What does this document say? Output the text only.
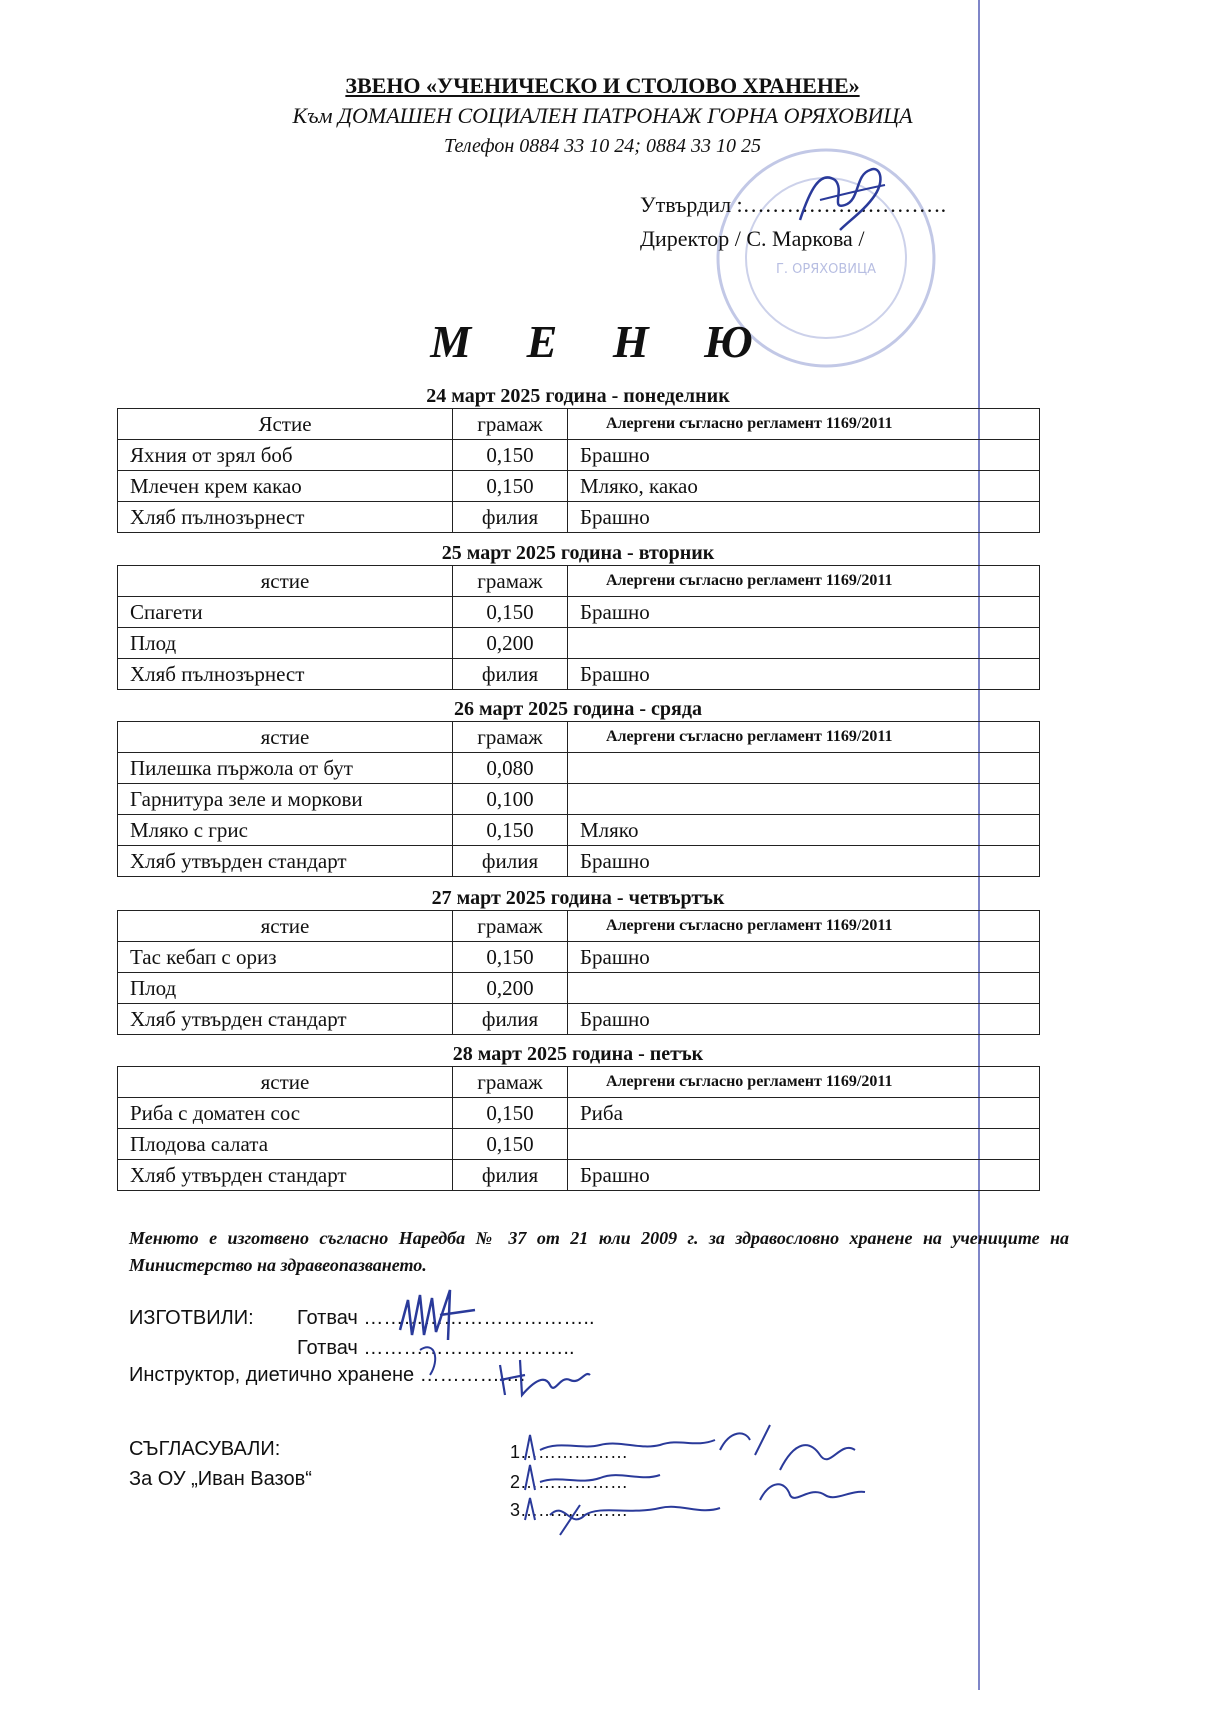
ЗВЕНО «УЧЕНИЧЕСКО И СТОЛОВО ХРАНЕНЕ»
Към ДОМАШЕН СОЦИАЛЕН ПАТРОНАЖ ГОРНА ОРЯХОВИЦА
Телефон 0884 33 10 24; 0884 33 10 25
Г. ОРЯХОВИЦА
Утвърдил :……………………….
Директор / С. Маркова /
М Е Н Ю
24 март 2025 година - понеделник
Ястие	грамаж	Алергени съгласно регламент 1169/2011
Яхния от зрял боб	0,150	Брашно
Млечен крем какао	0,150	Мляко, какао
Хляб пълнозърнест	филия	Брашно
25 март 2025 година - вторник
ястие	грамаж	Алергени съгласно регламент 1169/2011
Спагети	0,150	Брашно
Плод	0,200	
Хляб пълнозърнест	филия	Брашно
26 март 2025 година - сряда
ястие	грамаж	Алергени съгласно регламент 1169/2011
Пилешка пържола от бут	0,080	
Гарнитура зеле и моркови	0,100	
Мляко с грис	0,150	Мляко
Хляб утвърден стандарт	филия	Брашно
27 март 2025 година - четвъртък
ястие	грамаж	Алергени съгласно регламент 1169/2011
Тас кебап с ориз	0,150	Брашно
Плод	0,200	
Хляб утвърден стандарт	филия	Брашно
28 март 2025 година - петък
ястие	грамаж	Алергени съгласно регламент 1169/2011
Риба с доматен сос	0,150	Риба
Плодова салата	0,150	
Хляб утвърден стандарт	филия	Брашно
Менюто е изготвено съгласно Наредба № 37 от 21 юли 2009 г. за здравословно хранене на учениците на Министерство на здравеопазването.
ИЗГОТВИЛИ: Готвач ……………………………..
Готвач …………………………..
Инструктор, диетично хранене …………….
СЪГЛАСУВАЛИ:
За ОУ „Иван Вазов“
1………………
2………………
3………………
